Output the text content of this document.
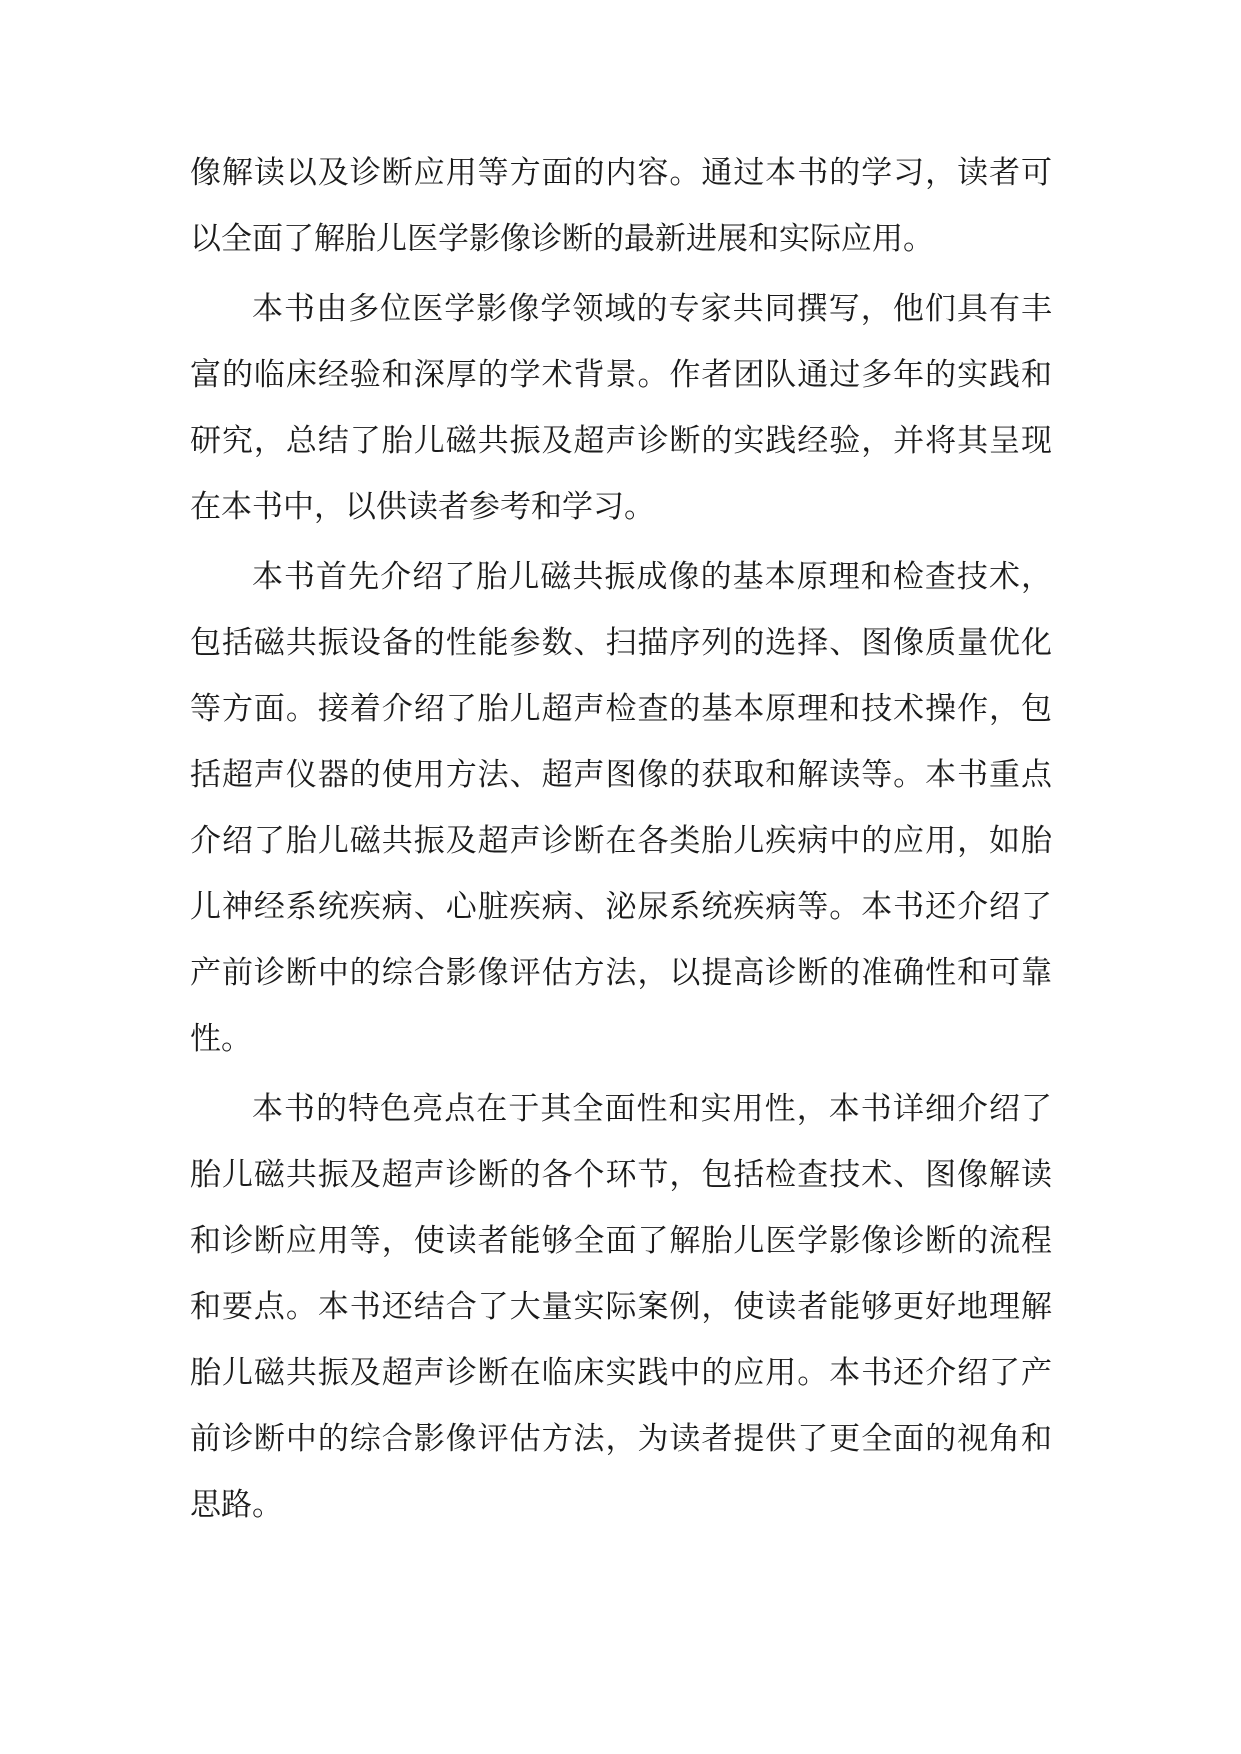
像解读以及诊断应用等方面的内容。通过本书的学习，读者可以全面了解胎儿医学影像诊断的最新进展和实际应用。

本书由多位医学影像学领域的专家共同撰写，他们具有丰富的临床经验和深厚的学术背景。作者团队通过多年的实践和研究，总结了胎儿磁共振及超声诊断的实践经验，并将其呈现在本书中，以供读者参考和学习。

本书首先介绍了胎儿磁共振成像的基本原理和检查技术，包括磁共振设备的性能参数、扫描序列的选择、图像质量优化等方面。接着介绍了胎儿超声检查的基本原理和技术操作，包括超声仪器的使用方法、超声图像的获取和解读等。本书重点介绍了胎儿磁共振及超声诊断在各类胎儿疾病中的应用，如胎儿神经系统疾病、心脏疾病、泌尿系统疾病等。本书还介绍了产前诊断中的综合影像评估方法，以提高诊断的准确性和可靠性。

本书的特色亮点在于其全面性和实用性，本书详细介绍了胎儿磁共振及超声诊断的各个环节，包括检查技术、图像解读和诊断应用等，使读者能够全面了解胎儿医学影像诊断的流程和要点。本书还结合了大量实际案例，使读者能够更好地理解胎儿磁共振及超声诊断在临床实践中的应用。本书还介绍了产前诊断中的综合影像评估方法，为读者提供了更全面的视角和思路。
